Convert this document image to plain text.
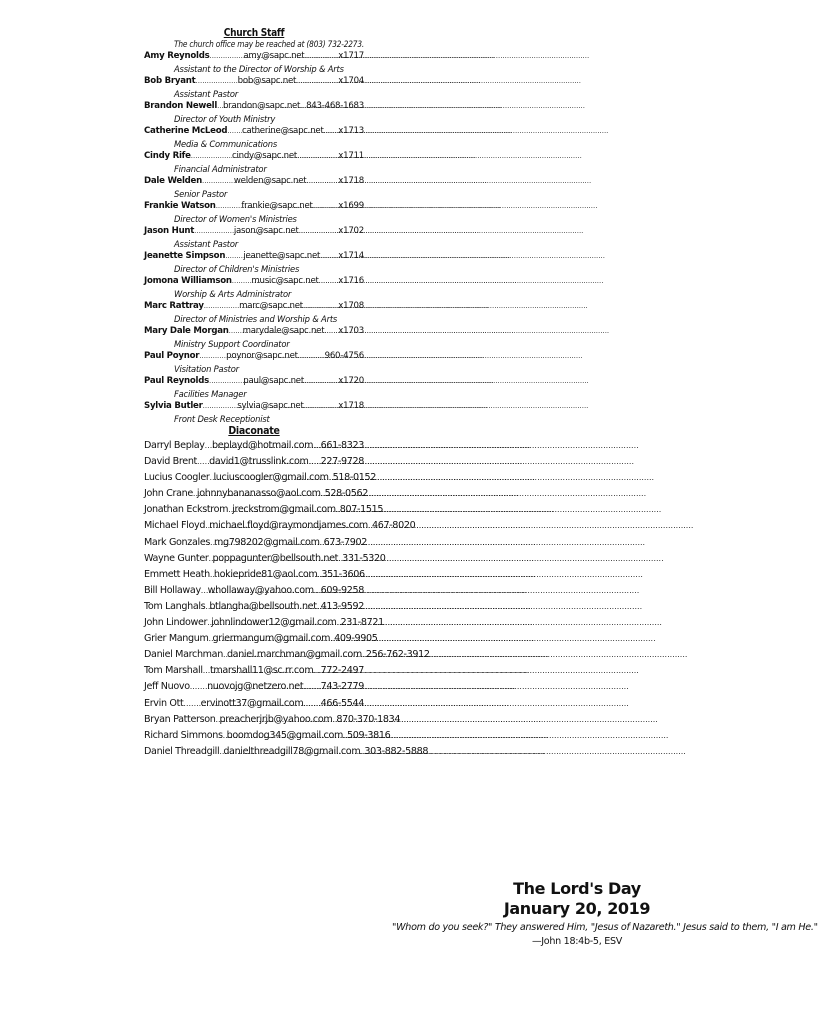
Church Staff
The church office may be reached at (803) 732-2273.
Amy Reynolds .....	amy@sapc.net .....	x1717
Assistant to the Director of Worship & Arts
Bob Bryant .....	bob@sapc.net .....	x1704
Assistant Pastor
Brandon Newell ..... brandon@sapc.net ..... 843-468-1683
Director of Youth Ministry
Catherine McLeod ..... catherine@sapc.net ..... x1713
Media & Communications
Cindy Rife .....	cindy@sapc.net .....	x1711
Financial Administrator
Dale Welden .....	welden@sapc.net .....	x1718
Senior Pastor
Frankie Watson .....	frankie@sapc.net .....	x1699
Director of Women's Ministries
Jason Hunt .....	jason@sapc.net .....	x1702
Assistant Pastor
Jeanette Simpson ..... jeanette@sapc.net ..... x1714
Director of Children's Ministries
Jomona Williamson ..... music@sapc.net ..... x1716
Worship & Arts Administrator
Marc Rattray .....	marc@sapc.net .....	x1708
Director of Ministries and Worship & Arts
Mary Dale Morgan ..... marydale@sapc.net ..... x1703
Ministry Support Coordinator
Paul Poynor .....	poynor@sapc.net .....	960-4756
Visitation Pastor
Paul Reynolds .....	paul@sapc.net .....	x1720
Facilities Manager
Sylvia Butler .....	sylvia@sapc.net .....	x1718
Front Desk Receptionist
Diaconate
Darryl Beplay ..... beplayd@hotmail.com ..... 661-8323
David Brent ..... david1@trusslink.com ..... 227-9728
Lucius Coogler ..... luciuscoogler@gmail.com ..... 518-0152
John Crane ..... johnnybananasso@aol.com ..... 528-0562
Jonathan Eckstrom ..... jreckstrom@gmail.com ..... 807-1515
Michael Floyd ..... michael.floyd@raymondjames.com ..... 467-8020
Mark Gonzales ..... mg798202@gmail.com ..... 673-7902
Wayne Gunter ..... poppagunter@bellsouth.net ..... 331-5320
Emmett Heath ..... hokiepride81@aol.com ..... 351-3606
Bill Hollaway ..... whollaway@yahoo.com ..... 609-9258
Tom Langhals ..... btlangha@bellsouth.net ..... 413-9592
John Lindower ..... johnlindower12@gmail.com ..... 231-8721
Grier Mangum ..... griermangum@gmail.com ..... 409-9905
Daniel Marchman ..... daniel.marchman@gmail.com ..... 256-762-3912
Tom Marshall ..... tmarshall11@sc.rr.com ..... 772-2497
Jeff Nuovo ..... nuovojg@netzero.net ..... 743-2779
Ervin Ott ..... ervinott37@gmail.com ..... 466-5544
Bryan Patterson ..... preacherjrjb@yahoo.com ..... 870-370-1834
Richard Simmons ..... boomdog345@gmail.com ..... 509-3816
Daniel Threadgill ..... danielthreadgill78@gmail.com ..... 303-882-5888
The Lord's Day
January 20, 2019
"Whom do you seek?" They answered Him, "Jesus of Nazareth." Jesus said to them, "I am He."
—John 18:4b-5, ESV
